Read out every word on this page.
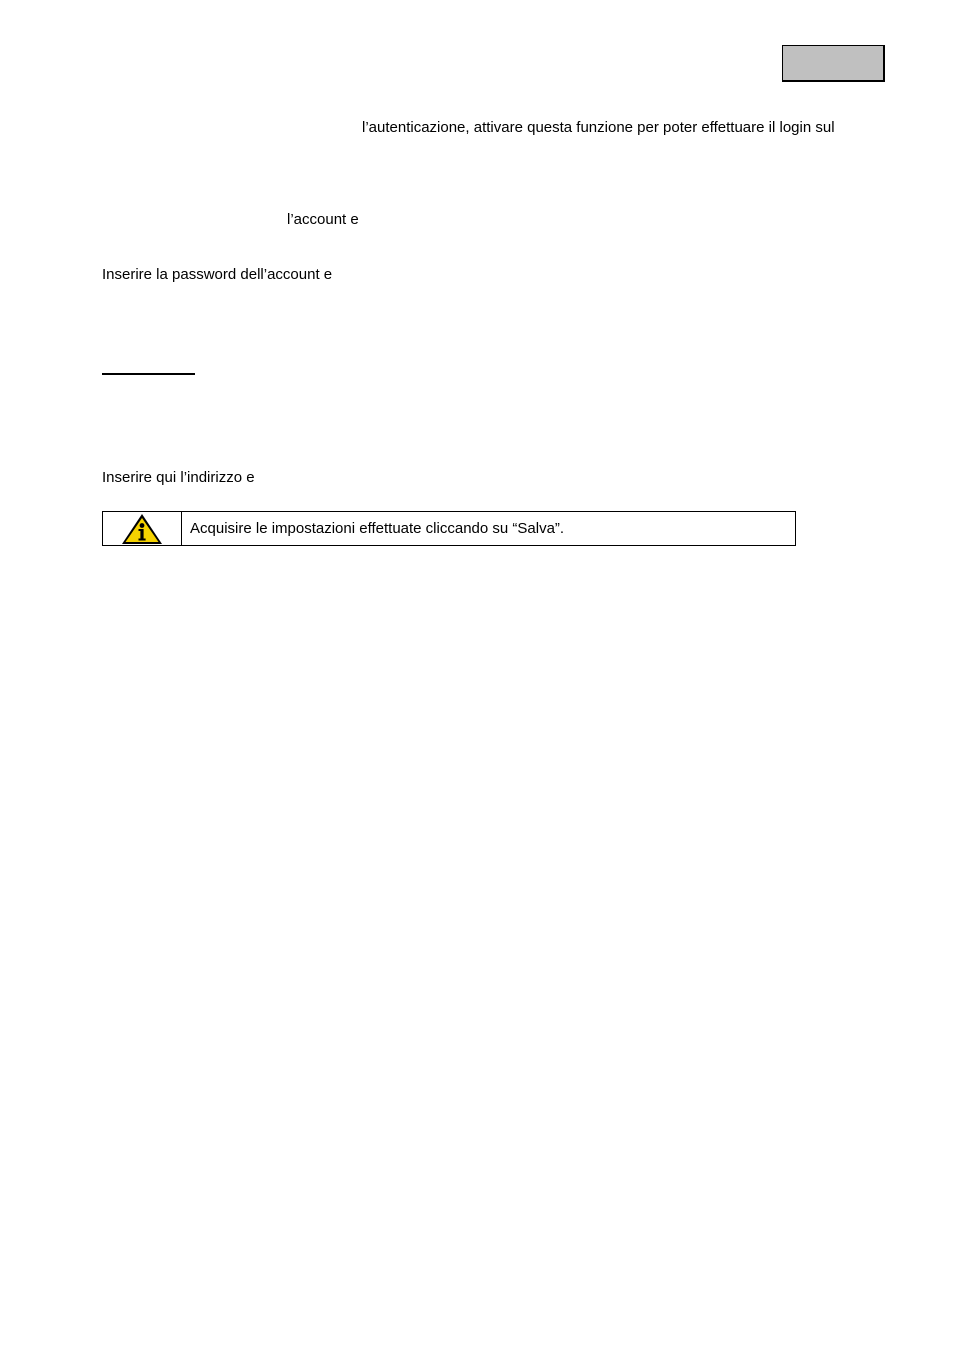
l’autenticazione, attivare questa funzione per poter effettuare il login sul
l’account e
Inserire la password dell’account e
Inserire qui l’indirizzo e
Acquisire le impostazioni effettuate cliccando su “Salva”.
